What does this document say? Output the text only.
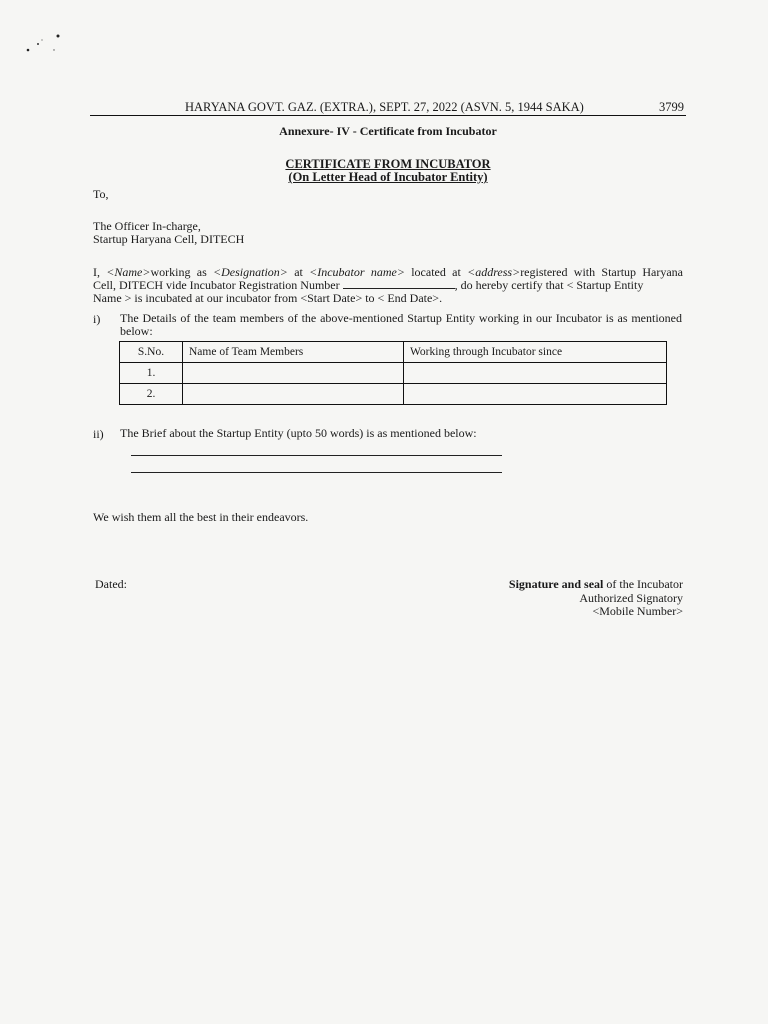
HARYANA GOVT. GAZ. (EXTRA.), SEPT. 27, 2022 (ASVN. 5, 1944 SAKA)	3799
Annexure- IV - Certificate from Incubator
CERTIFICATE FROM INCUBATOR
(On Letter Head of Incubator Entity)
To,
The Officer In-charge,
Startup Haryana Cell, DITECH
I, <Name>working as <Designation> at <Incubator name> located at <address>registered with Startup Haryana
Cell, DITECH vide Incubator Registration Number	, do hereby certify that < Startup Entity
Name > is incubated at our incubator from <Start Date> to < End Date>.
i) The Details of the team members of the above-mentioned Startup Entity working in our Incubator is as mentioned below:
S.No.	Name of Team Members	Working through Incubator since
1.		
2.		
ii) The Brief about the Startup Entity (upto 50 words) is as mentioned below:
We wish them all the best in their endeavors.
Dated:	Signature and seal of the Incubator
Authorized Signatory
<Mobile Number>
